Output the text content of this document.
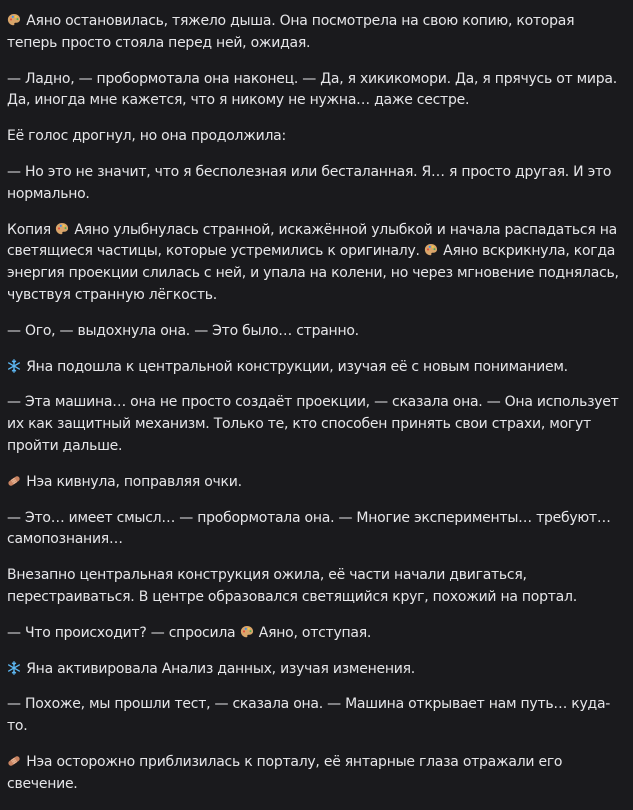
Аяно остановилась, тяжело дыша. Она посмотрела на свою копию, которая теперь просто стояла перед ней, ожидая.

— Ладно, — пробормотала она наконец. — Да, я хикикомори. Да, я прячусь от мира. Да, иногда мне кажется, что я никому не нужна… даже сестре.

Её голос дрогнул, но она продолжила:

— Но это не значит, что я бесполезная или бесталанная. Я… я просто другая. И это нормально.

Копия
Аяно улыбнулась странной, искажённой улыбкой и начала распадаться на светящиеся частицы, которые устремились к оригиналу.
Аяно вскрикнула, когда энергия проекции слилась с ней, и упала на колени, но через мгновение поднялась, чувствуя странную лёгкость.

— Ого, — выдохнула она. — Это было… странно.

Яна подошла к центральной конструкции, изучая её с новым пониманием.

— Эта машина… она не просто создаёт проекции, — сказала она. — Она использует их как защитный механизм. Только те, кто способен принять свои страхи, могут пройти дальше.

Нэа кивнула, поправляя очки.

— Это… имеет смысл… — пробормотала она. — Многие эксперименты… требуют… самопознания…

Внезапно центральная конструкция ожила, её части начали двигаться, перестраиваться. В центре образовался светящийся круг, похожий на портал.

— Что происходит? — спросила
Аяно, отступая.

Яна активировала Анализ данных, изучая изменения.

— Похоже, мы прошли тест, — сказала она. — Машина открывает нам путь… куда-то.

Нэа осторожно приблизилась к порталу, её янтарные глаза отражали его свечение.
